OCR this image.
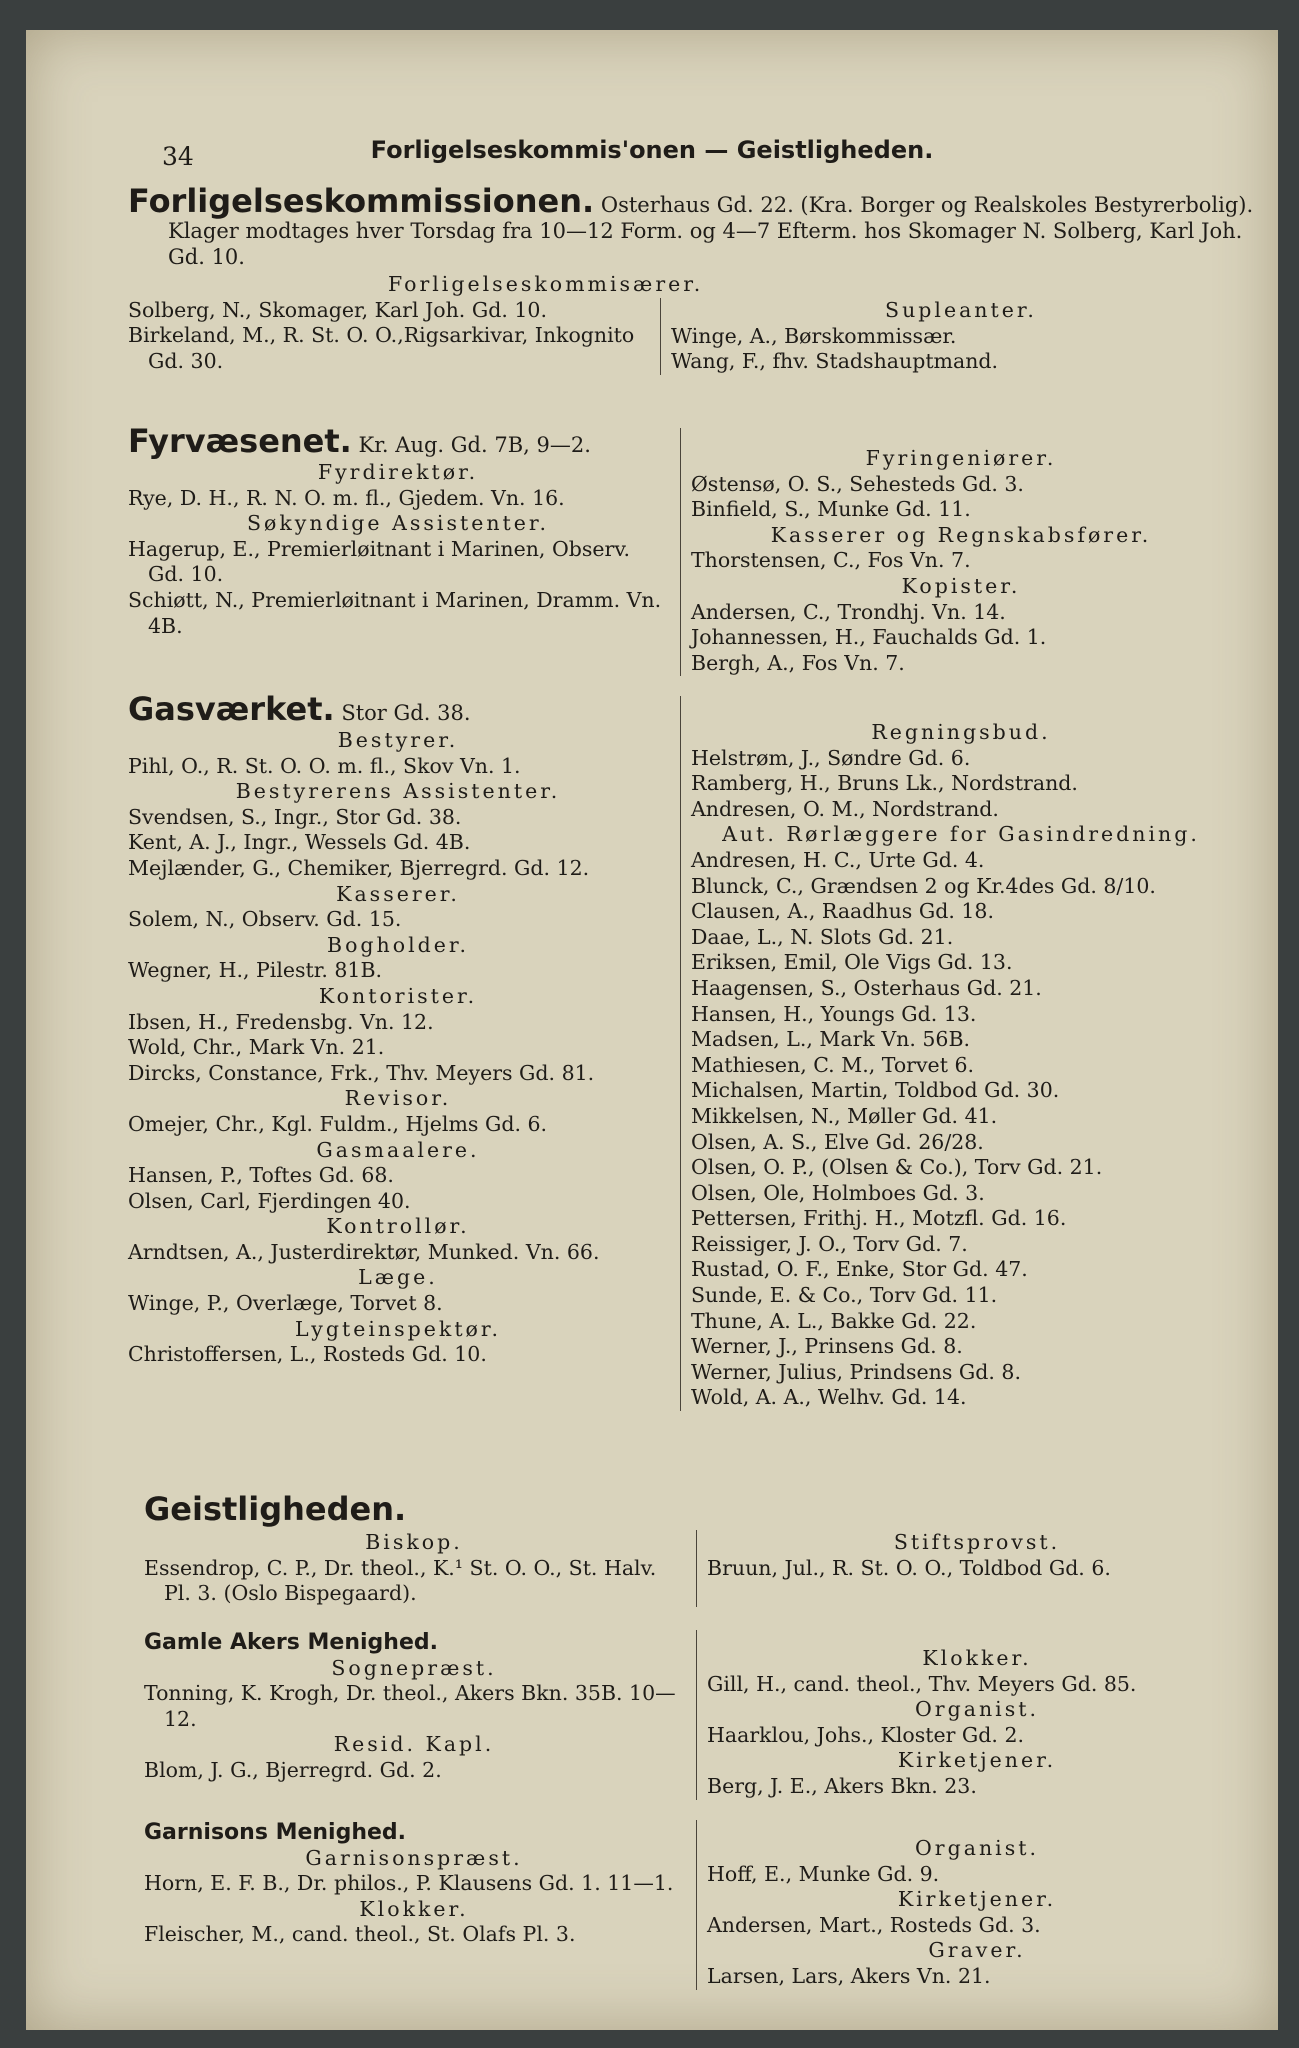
34	Forligelseskommis'onen — Geistligheden.
Forligelseskommissionen. Osterhaus Gd. 22. (Kra. Borger og Realskoles Bestyrerbolig). Klager modtages hver Torsdag fra 10—12 Form. og 4—7 Efterm. hos Skomager N. Solberg, Karl Joh. Gd. 10.

Forligelseskommisærer.

Solberg, N., Skomager, Karl Joh. Gd. 10.

Birkeland, M., R. St. O. O.,Rigsarkivar, Inkognito Gd. 30.

Supleanter.

Winge, A., Børskommissær.

Wang, F., fhv. Stadshauptmand.

Fyrvæsenet. Kr. Aug. Gd. 7B, 9—2.

Fyrdirektør.

Rye, D. H., R. N. O. m. fl., Gjedem. Vn. 16.

Søkyndige Assistenter.

Hagerup, E., Premierløitnant i Marinen, Observ. Gd. 10.

Schiøtt, N., Premierløitnant i Marinen, Dramm. Vn. 4B.

Fyringeniører.

Østensø, O. S., Sehesteds Gd. 3.

Binfield, S., Munke Gd. 11.

Kasserer og Regnskabsfører.

Thorstensen, C., Fos Vn. 7.

Kopister.

Andersen, C., Trondhj. Vn. 14.

Johannessen, H., Fauchalds Gd. 1.

Bergh, A., Fos Vn. 7.

Gasværket. Stor Gd. 38.

Bestyrer.

Pihl, O., R. St. O. O. m. fl., Skov Vn. 1.

Bestyrerens Assistenter.

Svendsen, S., Ingr., Stor Gd. 38.

Kent, A. J., Ingr., Wessels Gd. 4B.

Mejlænder, G., Chemiker, Bjerregrd. Gd. 12.

Kasserer.

Solem, N., Observ. Gd. 15.

Bogholder.

Wegner, H., Pilestr. 81B.

Kontorister.

Ibsen, H., Fredensbg. Vn. 12.

Wold, Chr., Mark Vn. 21.

Dircks, Constance, Frk., Thv. Meyers Gd. 81.

Revisor.

Omejer, Chr., Kgl. Fuldm., Hjelms Gd. 6.

Gasmaalere.

Hansen, P., Toftes Gd. 68.

Olsen, Carl, Fjerdingen 40.

Kontrollør.

Arndtsen, A., Justerdirektør, Munked. Vn. 66.

Læge.

Winge, P., Overlæge, Torvet 8.

Lygteinspektør.

Christoffersen, L., Rosteds Gd. 10.

Regningsbud.

Helstrøm, J., Søndre Gd. 6.

Ramberg, H., Bruns Lk., Nordstrand.

Andresen, O. M., Nordstrand.

Aut. Rørlæggere for Gasindredning.

Andresen, H. C., Urte Gd. 4.

Blunck, C., Grændsen 2 og Kr.4des Gd. 8/10.

Clausen, A., Raadhus Gd. 18.

Daae, L., N. Slots Gd. 21.

Eriksen, Emil, Ole Vigs Gd. 13.

Haagensen, S., Osterhaus Gd. 21.

Hansen, H., Youngs Gd. 13.

Madsen, L., Mark Vn. 56B.

Mathiesen, C. M., Torvet 6.

Michalsen, Martin, Toldbod Gd. 30.

Mikkelsen, N., Møller Gd. 41.

Olsen, A. S., Elve Gd. 26/28.

Olsen, O. P., (Olsen & Co.), Torv Gd. 21.

Olsen, Ole, Holmboes Gd. 3.

Pettersen, Frithj. H., Motzfl. Gd. 16.

Reissiger, J. O., Torv Gd. 7.

Rustad, O. F., Enke, Stor Gd. 47.

Sunde, E. & Co., Torv Gd. 11.

Thune, A. L., Bakke Gd. 22.

Werner, J., Prinsens Gd. 8.

Werner, Julius, Prindsens Gd. 8.

Wold, A. A., Welhv. Gd. 14.

Geistligheden.

Biskop.

Essendrop, C. P., Dr. theol., K.¹ St. O. O., St. Halv. Pl. 3. (Oslo Bispegaard).

Stiftsprovst.

Bruun, Jul., R. St. O. O., Toldbod Gd. 6.

Gamle Akers Menighed.

Sognepræst.

Tonning, K. Krogh, Dr. theol., Akers Bkn. 35B. 10—12.

Resid. Kapl.

Blom, J. G., Bjerregrd. Gd. 2.

Klokker.

Gill, H., cand. theol., Thv. Meyers Gd. 85.

Organist.

Haarklou, Johs., Kloster Gd. 2.

Kirketjener.

Berg, J. E., Akers Bkn. 23.

Garnisons Menighed.

Garnisonspræst.

Horn, E. F. B., Dr. philos., P. Klausens Gd. 1. 11—1.

Klokker.

Fleischer, M., cand. theol., St. Olafs Pl. 3.

Organist.

Hoff, E., Munke Gd. 9.

Kirketjener.

Andersen, Mart., Rosteds Gd. 3.

Graver.

Larsen, Lars, Akers Vn. 21.
